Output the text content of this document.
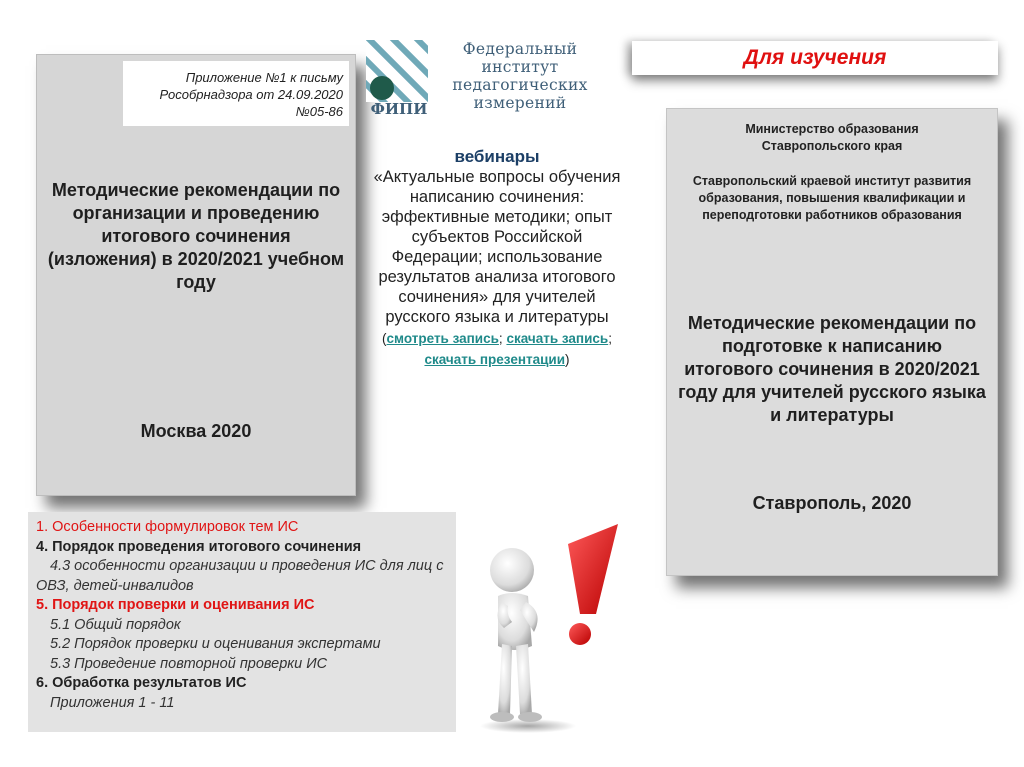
Приложение №1 к письму
Рособрнадзора от 24.09.2020
№05-86
Методические рекомендации по организации и проведению итогового сочинения (изложения) в 2020/2021 учебном году
Москва 2020
Федеральный
институт
педагогических
измерений
ФИПИ
вебинары
«Актуальные вопросы обучения написанию сочинения: эффективные методики; опыт субъектов Российской Федерации; использование результатов анализа итогового сочинения» для учителей русского языка и литературы (смотреть запись; скачать запись; скачать презентации)
Для изучения
Министерство образования Ставропольского края
Ставропольский краевой институт развития образования, повышения квалификации и переподготовки работников образования
Методические рекомендации по подготовке к написанию итогового сочинения в 2020/2021 году для учителей русского языка и литературы
Ставрополь, 2020
1. Особенности формулировок тем ИС
4. Порядок проведения итогового сочинения
4.3 особенности организации и проведения ИС для лиц с ОВЗ, детей-инвалидов
5. Порядок проверки и оценивания ИС
5.1 Общий порядок
5.2 Порядок проверки и оценивания экспертами
5.3 Проведение повторной проверки ИС
6. Обработка результатов ИС
Приложения 1 - 11
